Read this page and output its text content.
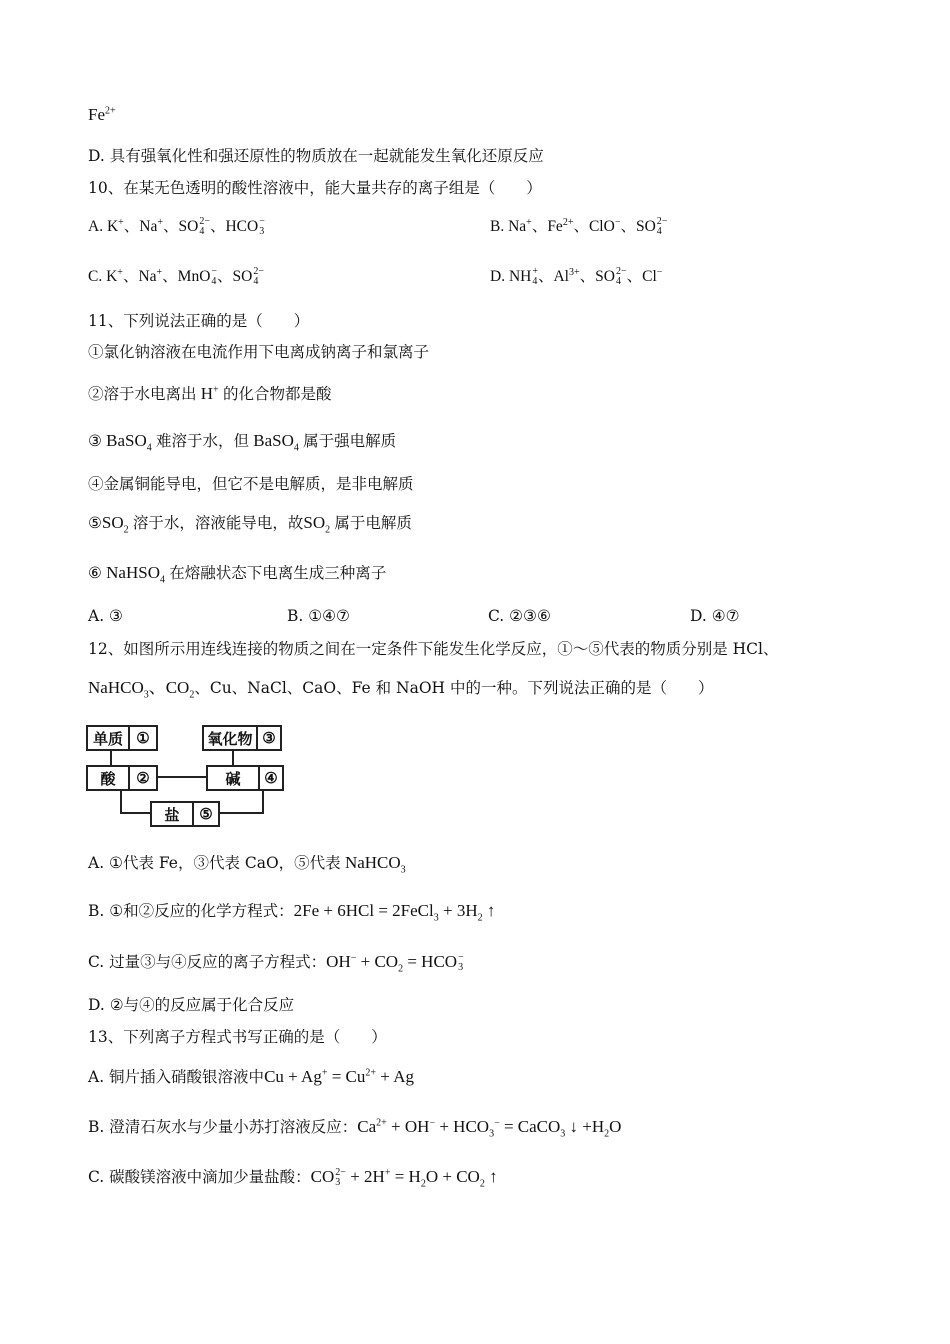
$Fe^{2+}$
D. 具有强氧化性和强还原性的物质放在一起就能发生氧化还原反应
10、在某无色透明的酸性溶液中，能大量共存的离子组是（　　）
A. K+、Na+、SO 2−
4 、HCO −
3	B. Na+、$Fe^{2+}$、ClO−、SO 2−
4
C. K+、Na+、MnO −
4 、SO 2−
4	D. NH +
4 、$Al^{3+}$、SO 2−
4 、Cl−
11、下列说法正确的是（　　）
①氯化钠溶液在电流作用下电离成钠离子和氯离子
②溶于水电离出 H+ 的化合物都是酸
③ BaSO$_4$ 难溶于水，但 BaSO$_4$ 属于强电解质
④金属铜能导电，但它不是电解质，是非电解质
$⑤SO_2$ 溶于水，溶液能导电，故$SO_2$ 属于电解质
⑥ NaHSO$_4$ 在熔融状态下电离生成三种离子
A. ③	B. ①④⑦	C. ②③⑥	D. ④⑦
12、如图所示用连线连接的物质之间在一定条件下能发生化学反应，①～⑤代表的物质分别是 HCl、
NaHCO$_3$、$CO_2$、Cu、NaCl、CaO、Fe 和 NaOH 中的一种。下列说法正确的是（　　）
单质 ①	氧化物 ③
酸	②	碱	④
盐	⑤
A. ①代表 Fe，③代表 CaO，⑤代表 NaHCO$_3$
B. ①和②反应的化学方程式：2Fe + 6HCl = 2FeCl$_3$ + $3H_2$ ↑
C. 过量③与④反应的离子方程式：$OH^- + CO_2$ = HCO −
3
D. ②与④的反应属于化合反应
13、下列离子方程式书写正确的是（　　）
A. 铜片插入硝酸银溶液中$Cu + Ag^+ = Cu^{2+} + Ag$
B. 澄清石灰水与少量小苏打溶液反应：$Ca^{2+} + OH^- + HCO_3^-$ = CaCO$_3$ ↓ $+H_2O$
C. 碳酸镁溶液中滴加少量盐酸：CO 2−
$3 + 2H^+ = H_2O + CO_2$ ↑
